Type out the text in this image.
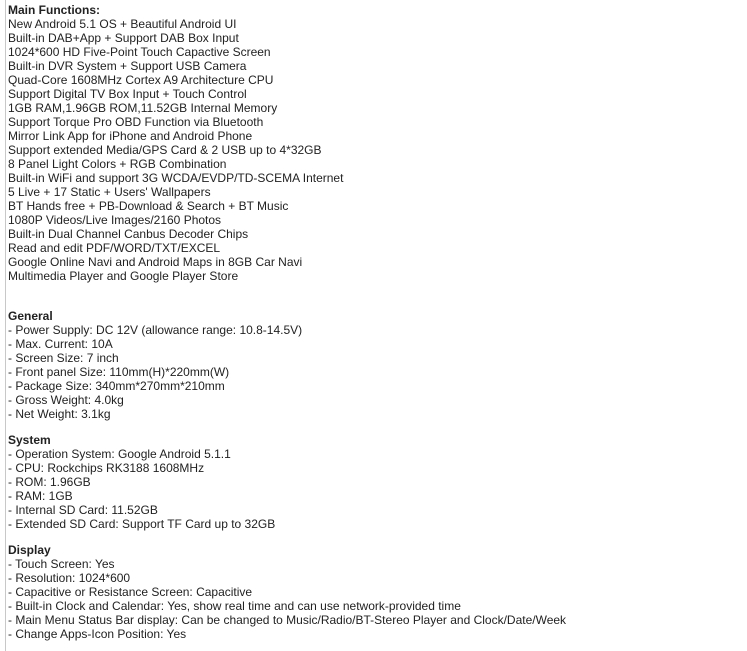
Main Functions:
New Android 5.1 OS + Beautiful Android UI
Built-in DAB+App + Support DAB Box Input
1024*600 HD Five-Point Touch Capactive Screen
Built-in DVR System + Support USB Camera
Quad-Core 1608MHz Cortex A9 Architecture CPU
Support Digital TV Box Input + Touch Control
1GB RAM,1.96GB ROM,11.52GB Internal Memory
Support Torque Pro OBD Function via Bluetooth
Mirror Link App for iPhone and Android Phone
Support extended Media/GPS Card & 2 USB up to 4*32GB
8 Panel Light Colors + RGB Combination
Built-in WiFi and support 3G WCDA/EVDP/TD-SCEMA Internet
5 Live + 17 Static + Users' Wallpapers
BT Hands free + PB-Download & Search + BT Music
1080P Videos/Live Images/2160 Photos
Built-in Dual Channel Canbus Decoder Chips
Read and edit PDF/WORD/TXT/EXCEL
Google Online Navi and Android Maps in 8GB Car Navi
Multimedia Player and Google Player Store
General
- Power Supply: DC 12V (allowance range: 10.8-14.5V)
- Max. Current: 10A
- Screen Size: 7 inch
- Front panel Size: 110mm(H)*220mm(W)
- Package Size: 340mm*270mm*210mm
- Gross Weight: 4.0kg
- Net Weight: 3.1kg
System
- Operation System: Google Android 5.1.1
- CPU: Rockchips RK3188 1608MHz
- ROM: 1.96GB
- RAM: 1GB
- Internal SD Card: 11.52GB
- Extended SD Card: Support TF Card up to 32GB
Display
- Touch Screen: Yes
- Resolution: 1024*600
- Capacitive or Resistance Screen: Capacitive
- Built-in Clock and Calendar: Yes, show real time and can use network-provided time
- Main Menu Status Bar display: Can be changed to Music/Radio/BT-Stereo Player and Clock/Date/Week
- Change Apps-Icon Position: Yes
